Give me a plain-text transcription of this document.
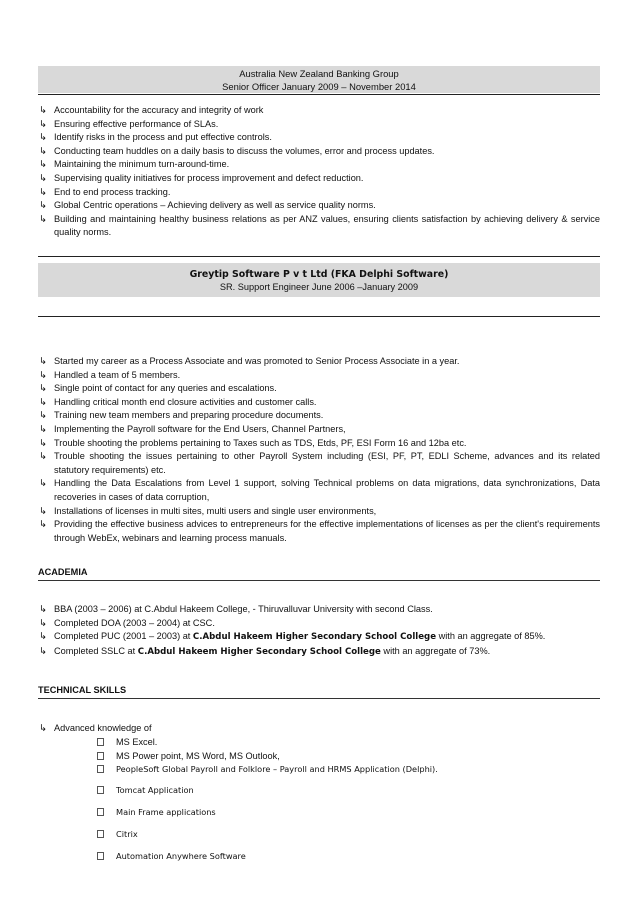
Australia New Zealand Banking Group
Senior Officer January 2009 – November 2014
↳ Accountability for the accuracy and integrity of work
↳ Ensuring effective performance of SLAs.
↳ Identify risks in the process and put effective controls.
↳ Conducting team huddles on a daily basis to discuss the volumes, error and process updates.
↳ Maintaining the minimum turn-around-time.
↳ Supervising quality initiatives for process improvement and defect reduction.
↳ End to end process tracking.
↳ Global Centric operations – Achieving delivery as well as service quality norms.
↳ Building and maintaining healthy business relations as per ANZ values, ensuring clients satisfaction by achieving delivery & service quality norms.
Greytip Software P v t Ltd (FKA Delphi Software)
SR. Support Engineer June 2006 –January 2009
↳ Started my career as a Process Associate and was promoted to Senior Process Associate in a year.
↳ Handled a team of 5 members.
↳ Single point of contact for any queries and escalations.
↳ Handling critical month end closure activities and customer calls.
↳ Training new team members and preparing procedure documents.
↳ Implementing the Payroll software for the End Users, Channel Partners,
↳ Trouble shooting the problems pertaining to Taxes such as TDS, Etds, PF, ESI Form 16 and 12ba etc.
↳ Trouble shooting the issues pertaining to other Payroll System including (ESI, PF, PT, EDLI Scheme, advances and its related statutory requirements) etc.
↳ Handling the Data Escalations from Level 1 support, solving Technical problems on data migrations, data synchronizations, Data recoveries in cases of data corruption,
↳ Installations of licenses in multi sites, multi users and single user environments,
↳ Providing the effective business advices to entrepreneurs for the effective implementations of licenses as per the client's requirements through WebEx, webinars and learning process manuals.
ACADEMIA
↳ BBA (2003 – 2006) at C.Abdul Hakeem College, - Thiruvalluvar University with second Class.
↳ Completed DOA (2003 – 2004) at CSC.
↳ Completed PUC (2001 – 2003) at C.Abdul Hakeem Higher Secondary School College with an aggregate of 85%.
↳ Completed SSLC at C.Abdul Hakeem Higher Secondary School College with an aggregate of 73%.
TECHNICAL SKILLS
↳ Advanced knowledge of
MS Excel.
MS Power point, MS Word, MS Outlook,
PeopleSoft Global Payroll and Folklore – Payroll and HRMS Application (Delphi).
Tomcat Application
Main Frame applications
Citrix
Automation Anywhere Software
